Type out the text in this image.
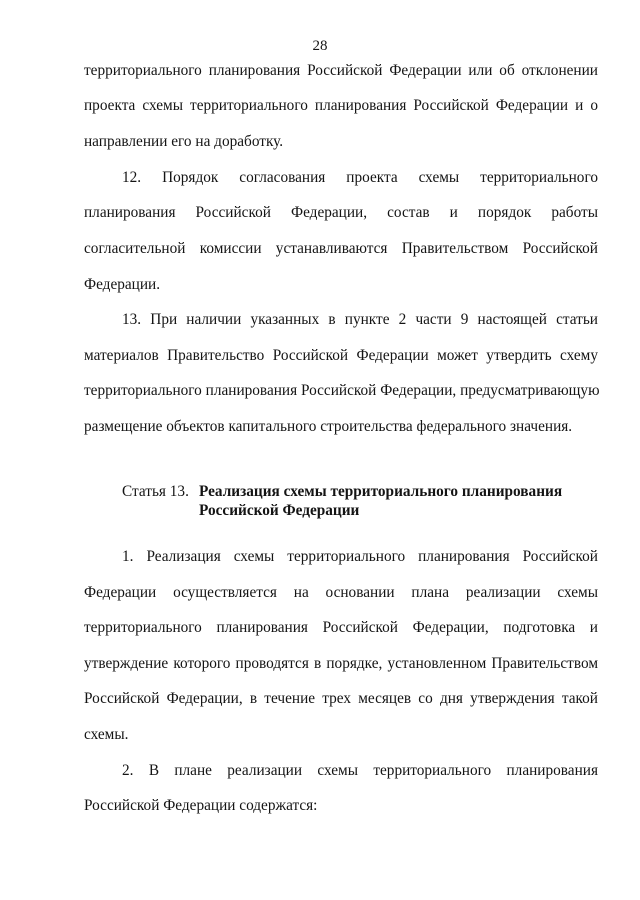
28
территориального планирования Российской Федерации или об отклонении
проекта схемы территориального планирования Российской Федерации и о
направлении его на доработку.
12. Порядок согласования проекта схемы территориального
планирования Российской Федерации, состав и порядок работы
согласительной комиссии устанавливаются Правительством Российской
Федерации.
13. При наличии указанных в пункте 2 части 9 настоящей статьи
материалов Правительство Российской Федерации может утвердить схему
территориального планирования Российской Федерации, предусматривающую
размещение объектов капитального строительства федерального значения.
Статья 13. Реализация схемы территориального планирования
Российской Федерации
1. Реализация схемы территориального планирования Российской
Федерации осуществляется на основании плана реализации схемы
территориального планирования Российской Федерации, подготовка и
утверждение которого проводятся в порядке, установленном Правительством
Российской Федерации, в течение трех месяцев со дня утверждения такой
схемы.
2. В плане реализации схемы территориального планирования
Российской Федерации содержатся:
